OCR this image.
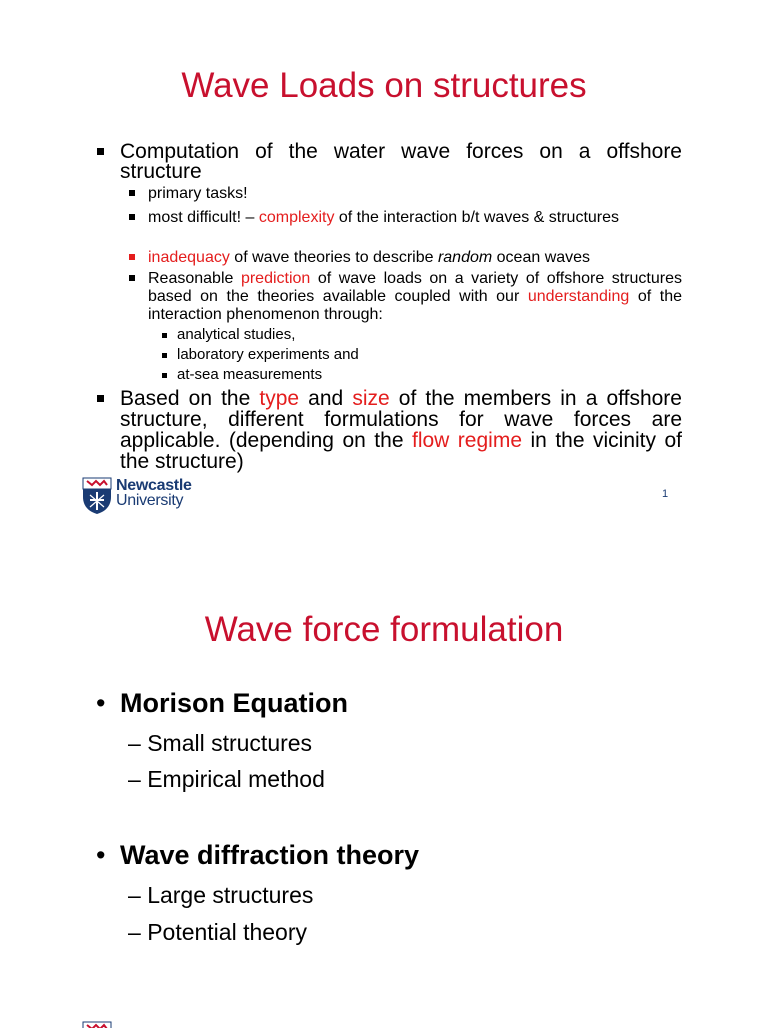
Wave Loads on structures
Computation of the water wave forces on a offshore structure
primary tasks!
most difficult! – complexity of the interaction b/t waves & structures
inadequacy of wave theories to describe random ocean waves
Reasonable prediction of wave loads on a variety of offshore structures based on the theories available coupled with our understanding of the interaction phenomenon through:
analytical studies,
laboratory experiments and
at-sea measurements
Based on the type and size of the members in a offshore structure, different formulations for wave forces are applicable. (depending on the flow regime in the vicinity of the structure)
Newcastle
University	1
Wave force formulation
• Morison Equation
– Small structures
– Empirical method
• Wave diffraction theory
– Large structures
– Potential theory
